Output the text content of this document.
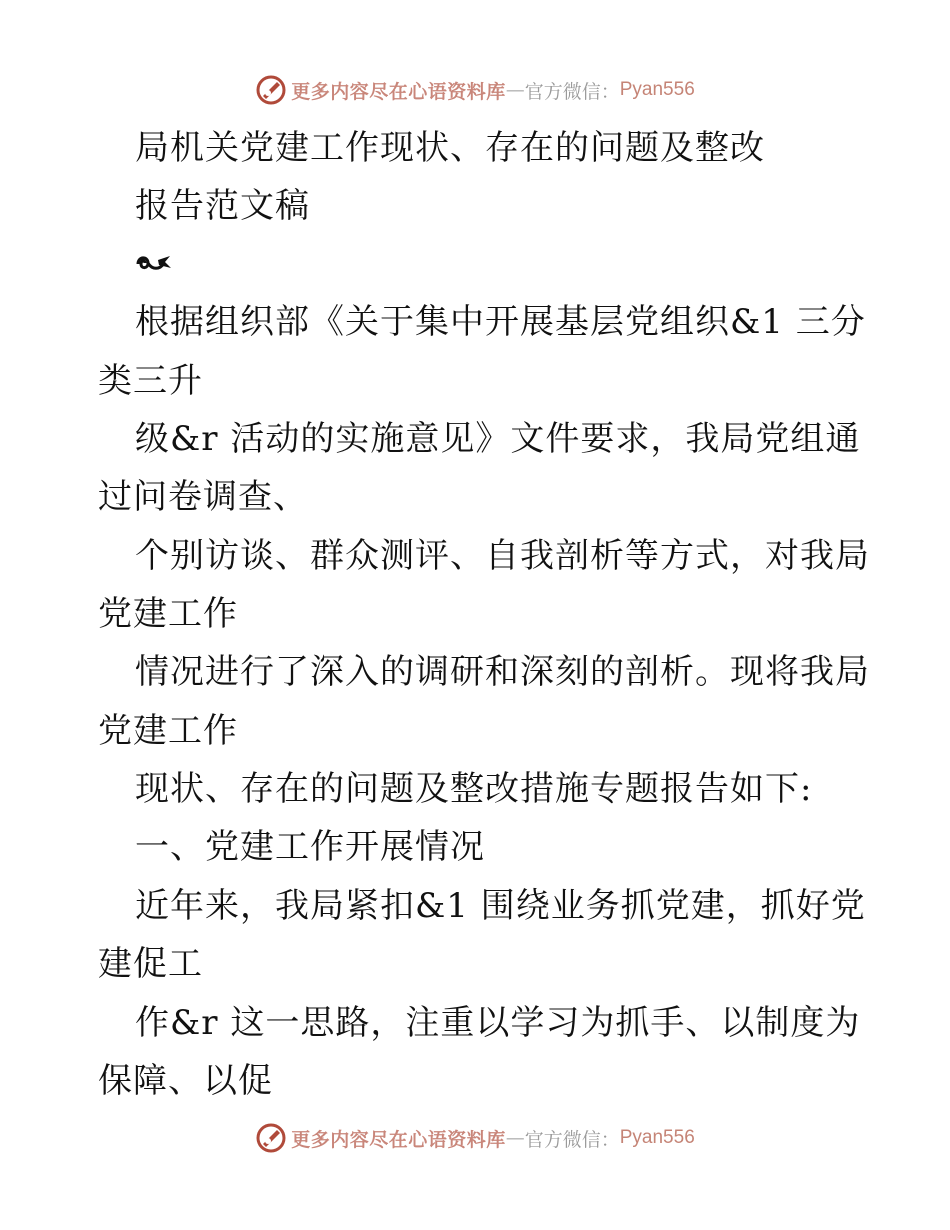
更多内容尽在心语资料库 — 官方微信： Pyan556
局机关党建工作现状、存在的问题及整改
报告范文稿
根据组织部《关于集中开展基层党组织&1 三分
类三升
级&r 活动的实施意见》文件要求，我局党组通
过问卷调查、
个别访谈、群众测评、自我剖析等方式，对我局
党建工作
情况进行了深入的调研和深刻的剖析。现将我局
党建工作
现状、存在的问题及整改措施专题报告如下:
一、党建工作开展情况
近年来，我局紧扣&1 围绕业务抓党建，抓好党
建促工
作&r 这一思路，注重以学习为抓手、以制度为
保障、以促
更多内容尽在心语资料库 — 官方微信： Pyan556
